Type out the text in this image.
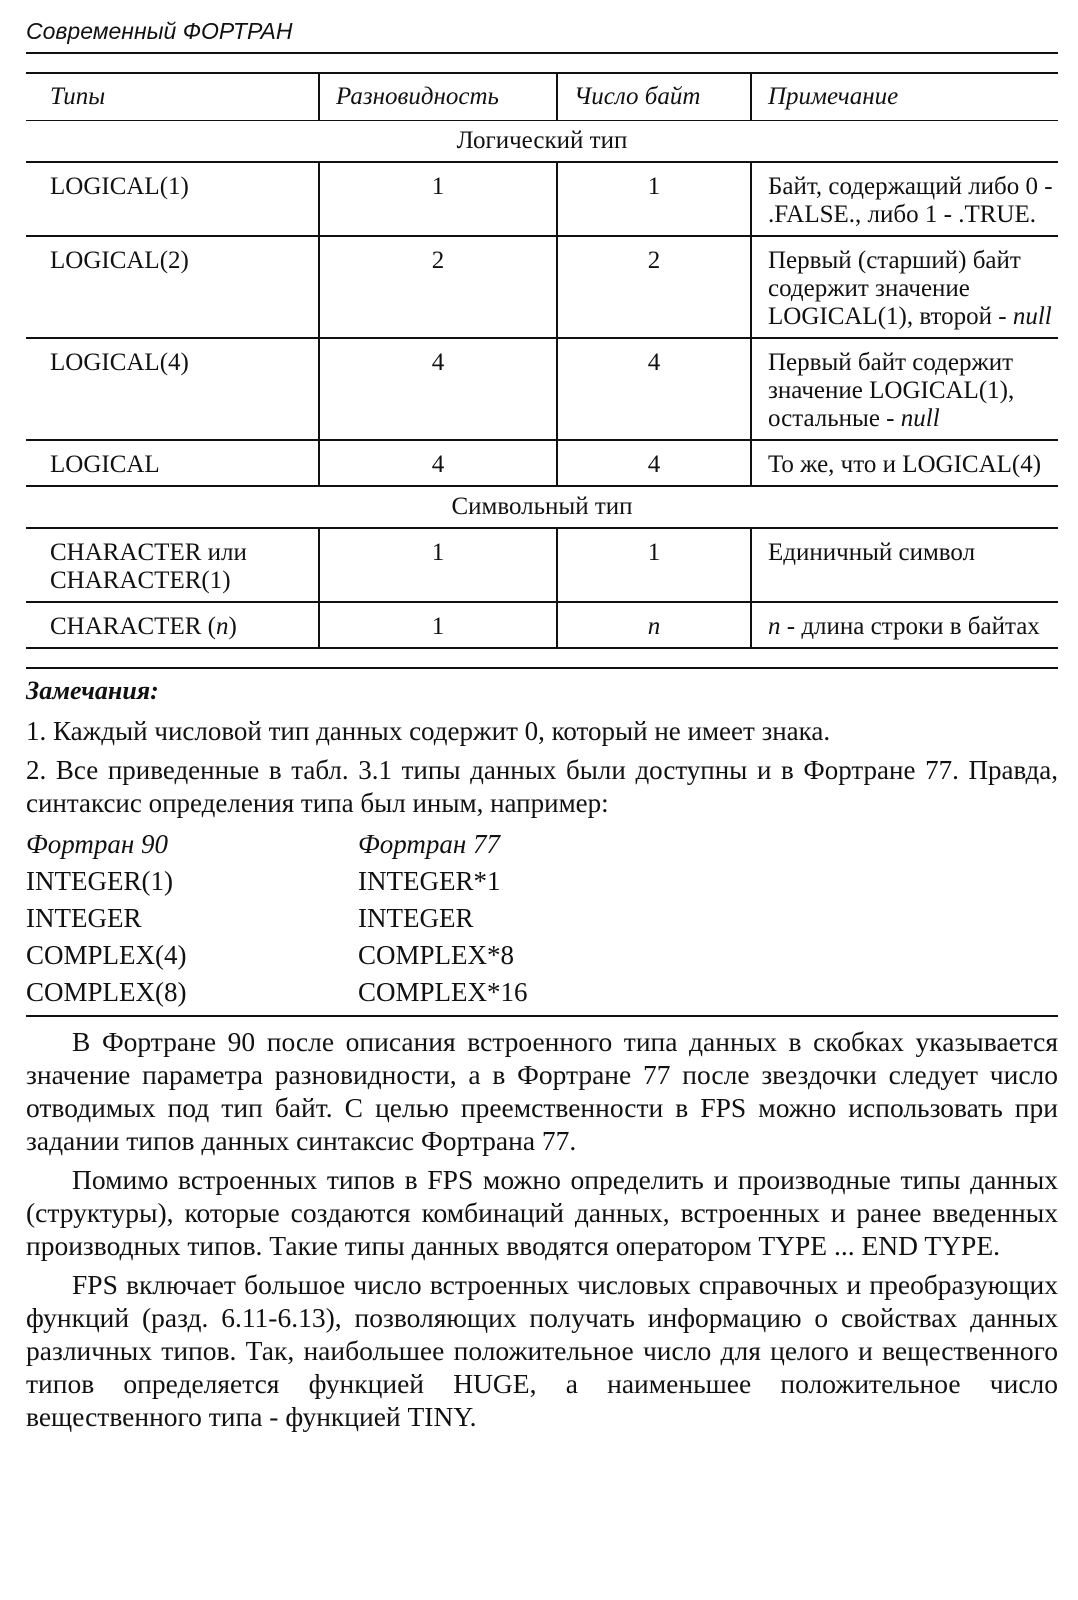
Современный ФОРТРАН
Типы	Разновидность	Число байт	Примечание
Логический тип			
LOGICAL(1)	1	1	Байт, содержащий либо 0 - .FALSE., либо 1 - .TRUE.
LOGICAL(2)	2	2	Первый (старший) байт содержит значение LOGICAL(1), второй - null
LOGICAL(4)	4	4	Первый байт содержит значение LOGICAL(1), остальные - null
LOGICAL	4	4	То же, что и LOGICAL(4)
Символьный тип			
CHARACTER или CHARACTER(1)	1	1	Единичный символ
CHARACTER (n)	1	n	n - длина строки в байтах
Замечания:

1. Каждый числовой тип данных содержит 0, который не имеет знака.

2. Все приведенные в табл. 3.1 типы данных были доступны и в Фортране 77. Правда, синтаксис определения типа был иным, например:

Фортран 90	Фортран 77
INTEGER(1)	INTEGER*1
INTEGER	INTEGER
COMPLEX(4)	COMPLEX*8
COMPLEX(8)	COMPLEX*16

В Фортране 90 после описания встроенного типа данных в скобках указывается значение параметра разновидности, а в Фортране 77 после звездочки следует число отводимых под тип байт. С целью преемственности в FPS можно использовать при задании типов данных синтаксис Фортрана 77.

Помимо встроенных типов в FPS можно определить и производные типы данных (структуры), которые создаются комбинаций данных, встроенных и ранее введенных производных типов. Такие типы данных вводятся оператором TYPE ... END TYPE.

FPS включает большое число встроенных числовых справочных и преобразующих функций (разд. 6.11-6.13), позволяющих получать информацию о свойствах данных различных типов. Так, наибольшее положительное число для целого и вещественного типов определяется функцией HUGE, а наименьшее положительное число вещественного типа - функцией TINY.
